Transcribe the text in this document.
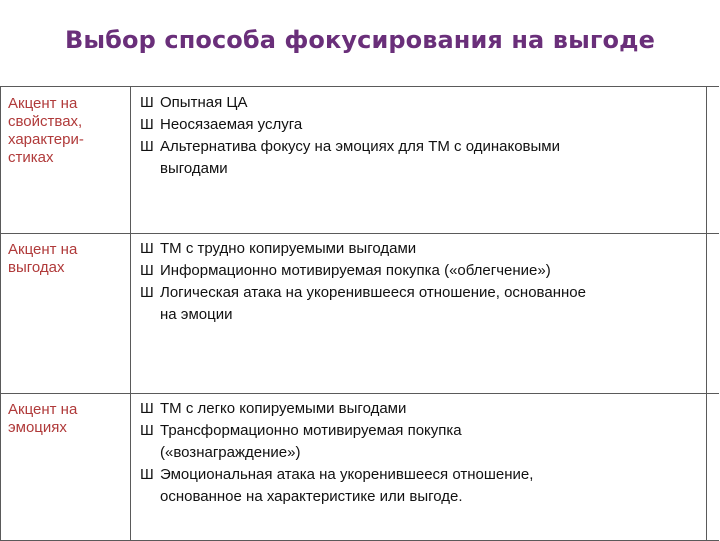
Выбор способа фокусирования на выгоде
Акцент на
свойствах,
характери-
стиках
Ш Опытная ЦА
Ш Неосязаемая услуга
Ш Альтернатива фокусу на эмоциях для ТМ с одинаковыми
выгодами
Акцент на
выгодах
Ш ТМ с трудно копируемыми выгодами
Ш Информационно мотивируемая покупка («облегчение»)
Ш Логическая атака на укоренившееся отношение, основанное
на эмоции
Акцент на
эмоциях
Ш ТМ с легко копируемыми выгодами
Ш Трансформационно мотивируемая покупка
(«вознаграждение»)
Ш Эмоциональная атака на укоренившееся отношение,
основанное на характеристике или выгоде.
